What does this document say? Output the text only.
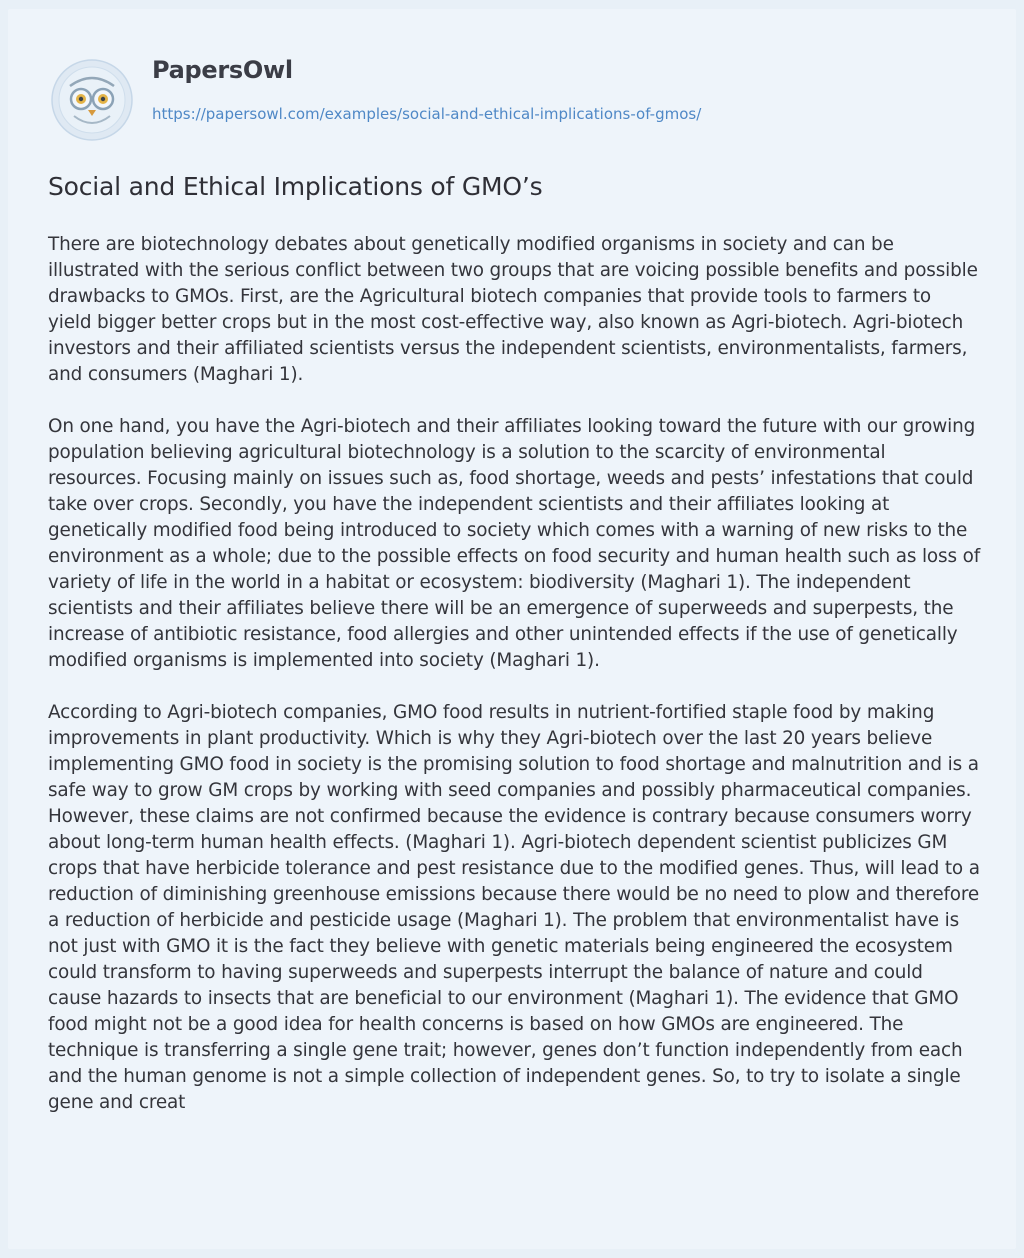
PapersOwl
https://papersowl.com/examples/social-and-ethical-implications-of-gmos/
Social and Ethical Implications of GMO’s

There are biotechnology debates about genetically modified organisms in society and can be illustrated with the serious conflict between two groups that are voicing possible benefits and possible drawbacks to GMOs. First, are the Agricultural biotech companies that provide tools to farmers to yield bigger better crops but in the most cost-effective way, also known as Agri-biotech. Agri-biotech investors and their affiliated scientists versus the independent scientists, environmentalists, farmers, and consumers (Maghari 1).

On one hand, you have the Agri-biotech and their affiliates looking toward the future with our growing population believing agricultural biotechnology is a solution to the scarcity of environmental resources. Focusing mainly on issues such as, food shortage, weeds and pests’ infestations that could take over crops. Secondly, you have the independent scientists and their affiliates looking at genetically modified food being introduced to society which comes with a warning of new risks to the environment as a whole; due to the possible effects on food security and human health such as loss of variety of life in the world in a habitat or ecosystem: biodiversity (Maghari 1). The independent scientists and their affiliates believe there will be an emergence of superweeds and superpests, the increase of antibiotic resistance, food allergies and other unintended effects if the use of genetically modified organisms is implemented into society (Maghari 1).

According to Agri-biotech companies, GMO food results in nutrient-fortified staple food by making improvements in plant productivity. Which is why they Agri-biotech over the last 20 years believe implementing GMO food in society is the promising solution to food shortage and malnutrition and is a safe way to grow GM crops by working with seed companies and possibly pharmaceutical companies. However, these claims are not confirmed because the evidence is contrary because consumers worry about long-term human health effects. (Maghari 1). Agri-biotech dependent scientist publicizes GM crops that have herbicide tolerance and pest resistance due to the modified genes. Thus, will lead to a reduction of diminishing greenhouse emissions because there would be no need to plow and therefore a reduction of herbicide and pesticide usage (Maghari 1). The problem that environmentalist have is not just with GMO it is the fact they believe with genetic materials being engineered the ecosystem could transform to having superweeds and superpests interrupt the balance of nature and could cause hazards to insects that are beneficial to our environment (Maghari 1). The evidence that GMO food might not be a good idea for health concerns is based on how GMOs are engineered. The technique is transferring a single gene trait; however, genes don’t function independently from each and the human genome is not a simple collection of independent genes. So, to try to isolate a single gene and creat
